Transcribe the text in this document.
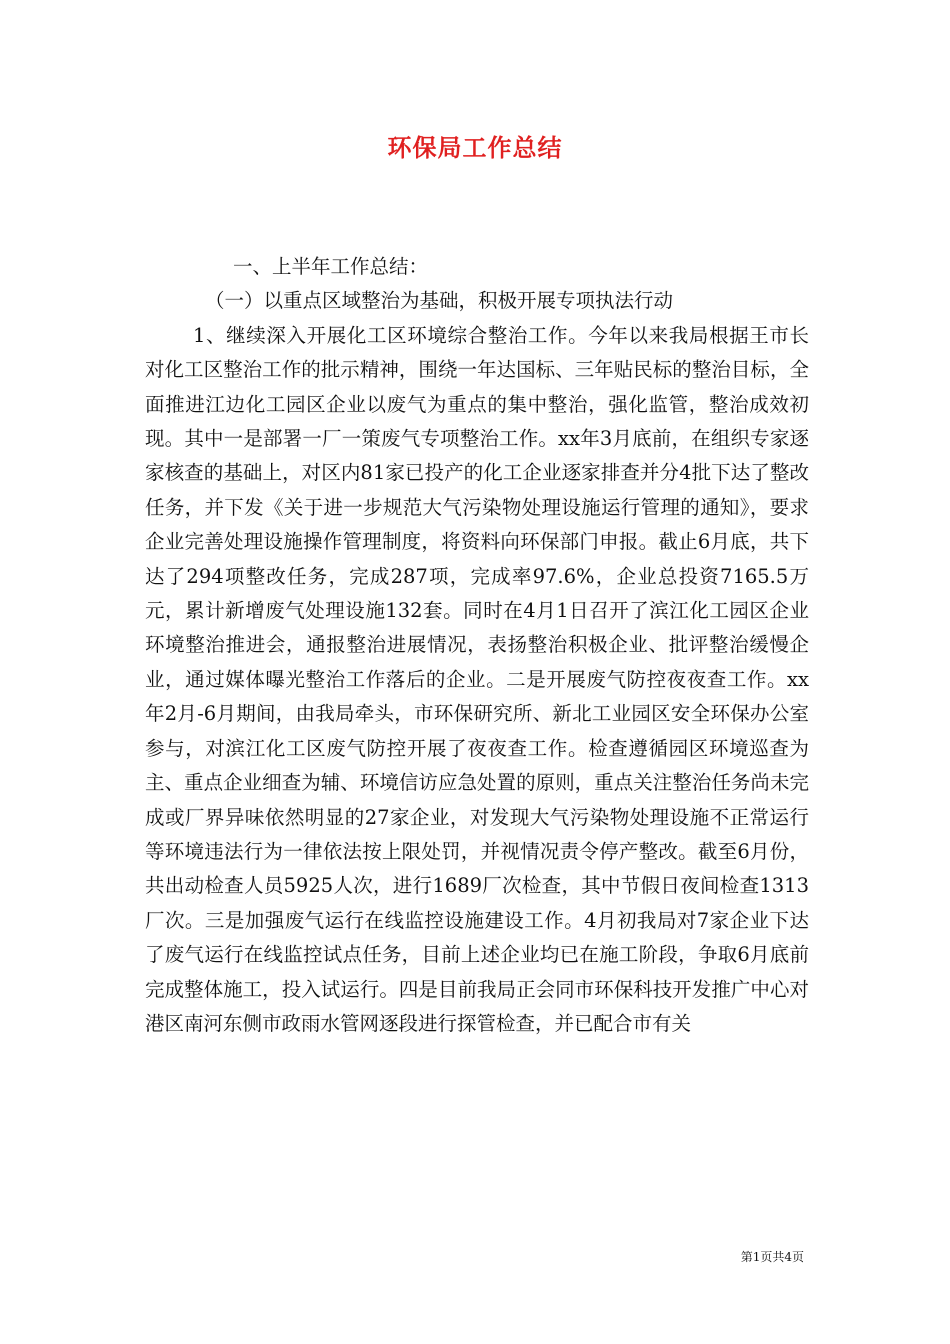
环保局工作总结

一、上半年工作总结：

（一）以重点区域整治为基础，积极开展专项执法行动

1、继续深入开展化工区环境综合整治工作。今年以来我局根据王市长对化工区整治工作的批示精神，围绕一年达国标、三年贴民标的整治目标，全面推进江边化工园区企业以废气为重点的集中整治，强化监管，整治成效初现。其中一是部署一厂一策废气专项整治工作。xx年3月底前，在组织专家逐家核查的基础上，对区内81家已投产的化工企业逐家排查并分4批下达了整改任务，并下发《关于进一步规范大气污染物处理设施运行管理的通知》，要求企业完善处理设施操作管理制度，将资料向环保部门申报。截止6月底，共下达了294项整改任务，完成287项，完成率97.6%，企业总投资7165.5万元，累计新增废气处理设施132套。同时在4月1日召开了滨江化工园区企业环境整治推进会，通报整治进展情况，表扬整治积极企业、批评整治缓慢企业，通过媒体曝光整治工作落后的企业。二是开展废气防控夜夜查工作。xx年2月-6月期间，由我局牵头，市环保研究所、新北工业园区安全环保办公室参与，对滨江化工区废气防控开展了夜夜查工作。检查遵循园区环境巡查为主、重点企业细查为辅、环境信访应急处置的原则，重点关注整治任务尚未完成或厂界异味依然明显的27家企业，对发现大气污染物处理设施不正常运行等环境违法行为一律依法按上限处罚，并视情况责令停产整改。截至6月份，共出动检查人员5925人次，进行1689厂次检查，其中节假日夜间检查1313厂次。三是加强废气运行在线监控设施建设工作。4月初我局对7家企业下达了废气运行在线监控试点任务，目前上述企业均已在施工阶段，争取6月底前完成整体施工，投入试运行。四是目前我局正会同市环保科技开发推广中心对港区南河东侧市政雨水管网逐段进行探管检查，并已配合市有关

第1页共4页
